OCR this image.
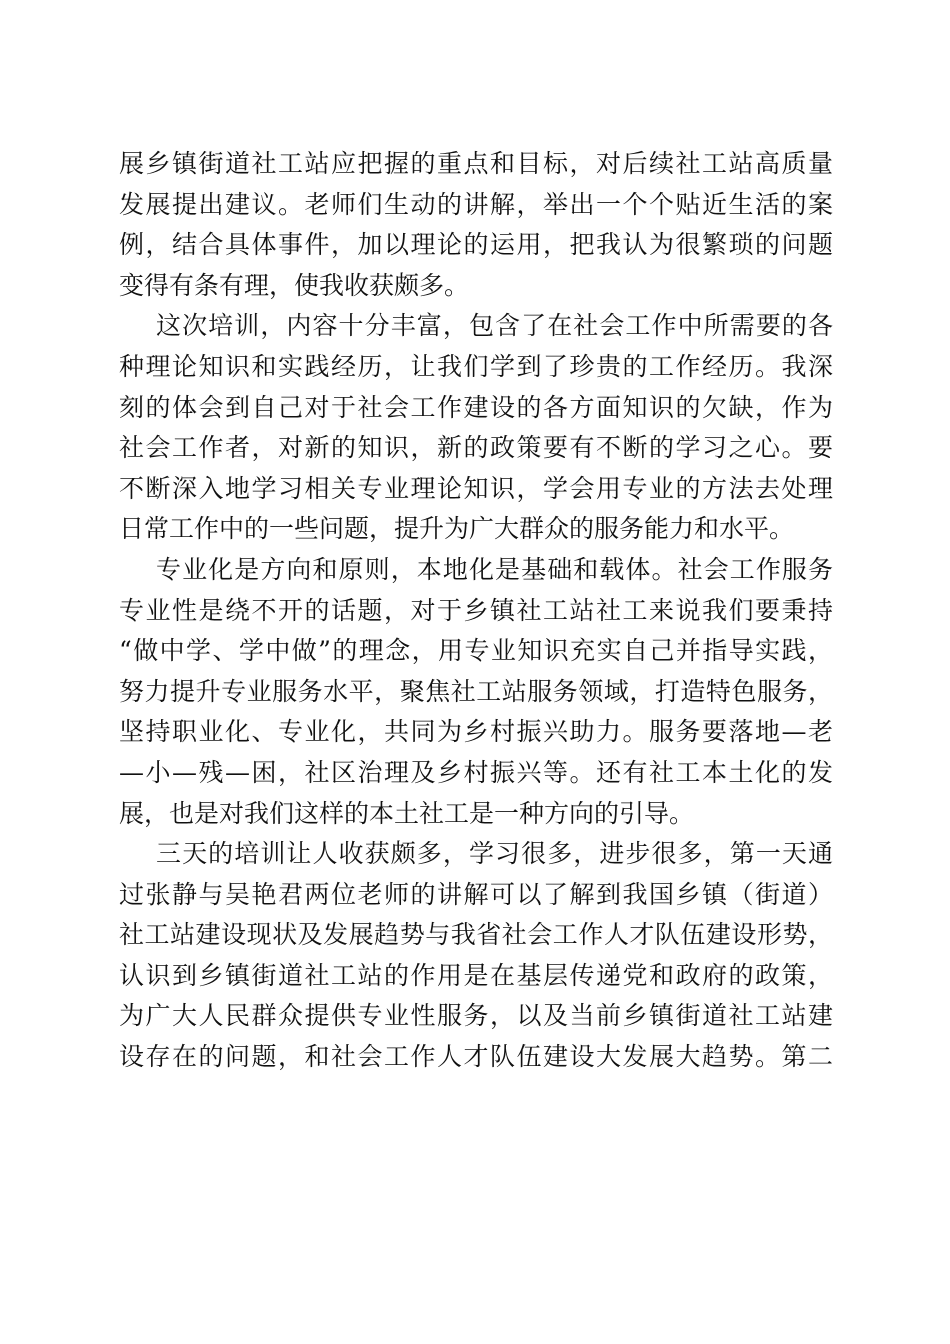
展乡镇街道社工站应把握的重点和目标，对后续社工站高质量
发展提出建议。老师们生动的讲解，举出一个个贴近生活的案
例，结合具体事件，加以理论的运用，把我认为很繁琐的问题
变得有条有理，使我收获颇多。
这次培训，内容十分丰富，包含了在社会工作中所需要的各
种理论知识和实践经历，让我们学到了珍贵的工作经历。我深
刻的体会到自己对于社会工作建设的各方面知识的欠缺，作为
社会工作者，对新的知识，新的政策要有不断的学习之心。要
不断深入地学习相关专业理论知识，学会用专业的方法去处理
日常工作中的一些问题，提升为广大群众的服务能力和水平。
专业化是方向和原则，本地化是基础和载体。社会工作服务
专业性是绕不开的话题，对于乡镇社工站社工来说我们要秉持
“做中学、学中做”的理念，用专业知识充实自己并指导实践，
努力提升专业服务水平，聚焦社工站服务领域，打造特色服务，
坚持职业化、专业化，共同为乡村振兴助力。服务要落地—老
—小—残—困，社区治理及乡村振兴等。还有社工本土化的发
展，也是对我们这样的本土社工是一种方向的引导。
三天的培训让人收获颇多，学习很多，进步很多，第一天通
过张静与吴艳君两位老师的讲解可以了解到我国乡镇（街道）
社工站建设现状及发展趋势与我省社会工作人才队伍建设形势，
认识到乡镇街道社工站的作用是在基层传递党和政府的政策，
为广大人民群众提供专业性服务，以及当前乡镇街道社工站建
设存在的问题，和社会工作人才队伍建设大发展大趋势。第二
